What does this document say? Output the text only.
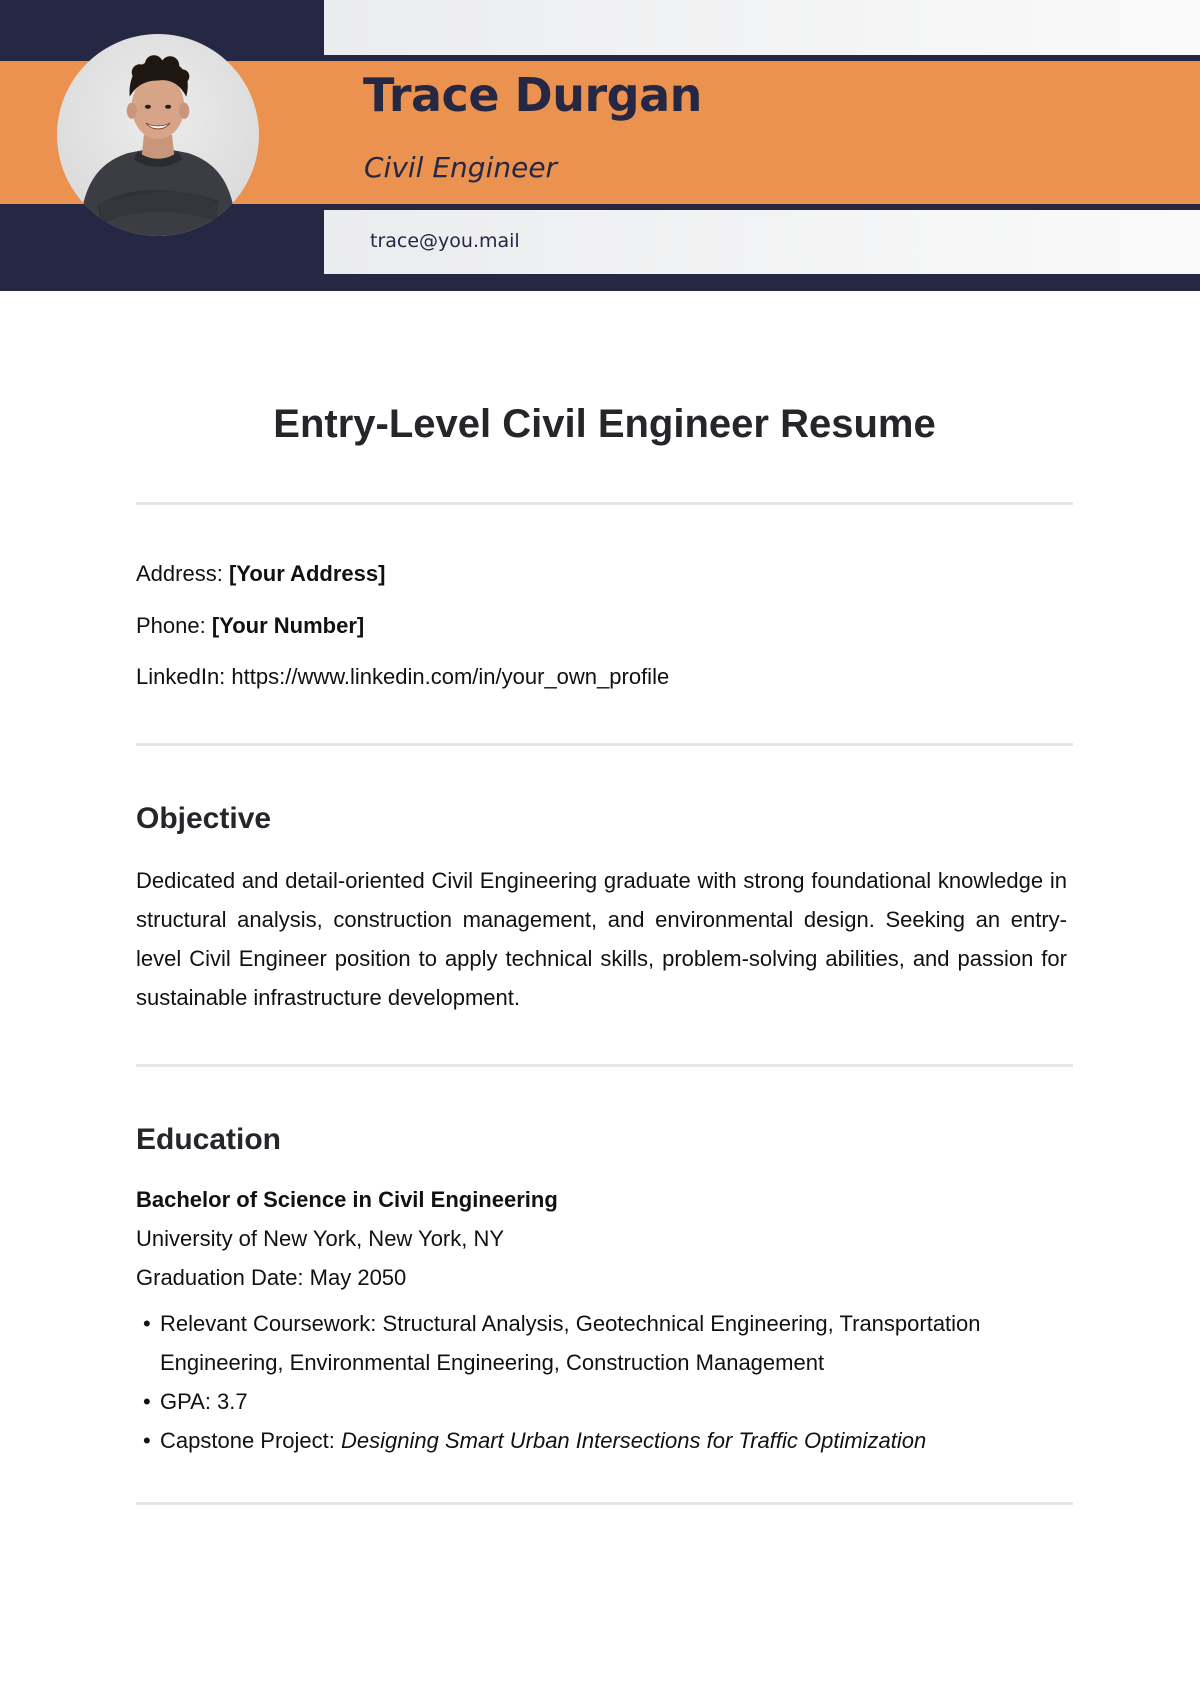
Trace Durgan
Civil Engineer
trace@you.mail
Entry-Level Civil Engineer Resume
Address: [Your Address]
Phone: [Your Number]
LinkedIn: https://www.linkedin.com/in/your_own_profile
Objective
Dedicated and detail-oriented Civil Engineering graduate with strong foundational knowledge in structural analysis, construction management, and environmental design. Seeking an entry-level Civil Engineer position to apply technical skills, problem-solving abilities, and passion for sustainable infrastructure development.
Education
Bachelor of Science in Civil Engineering
University of New York, New York, NY
Graduation Date: May 2050
• Relevant Coursework: Structural Analysis, Geotechnical Engineering, Transportation Engineering, Environmental Engineering, Construction Management
• GPA: 3.7
• Capstone Project: Designing Smart Urban Intersections for Traffic Optimization
